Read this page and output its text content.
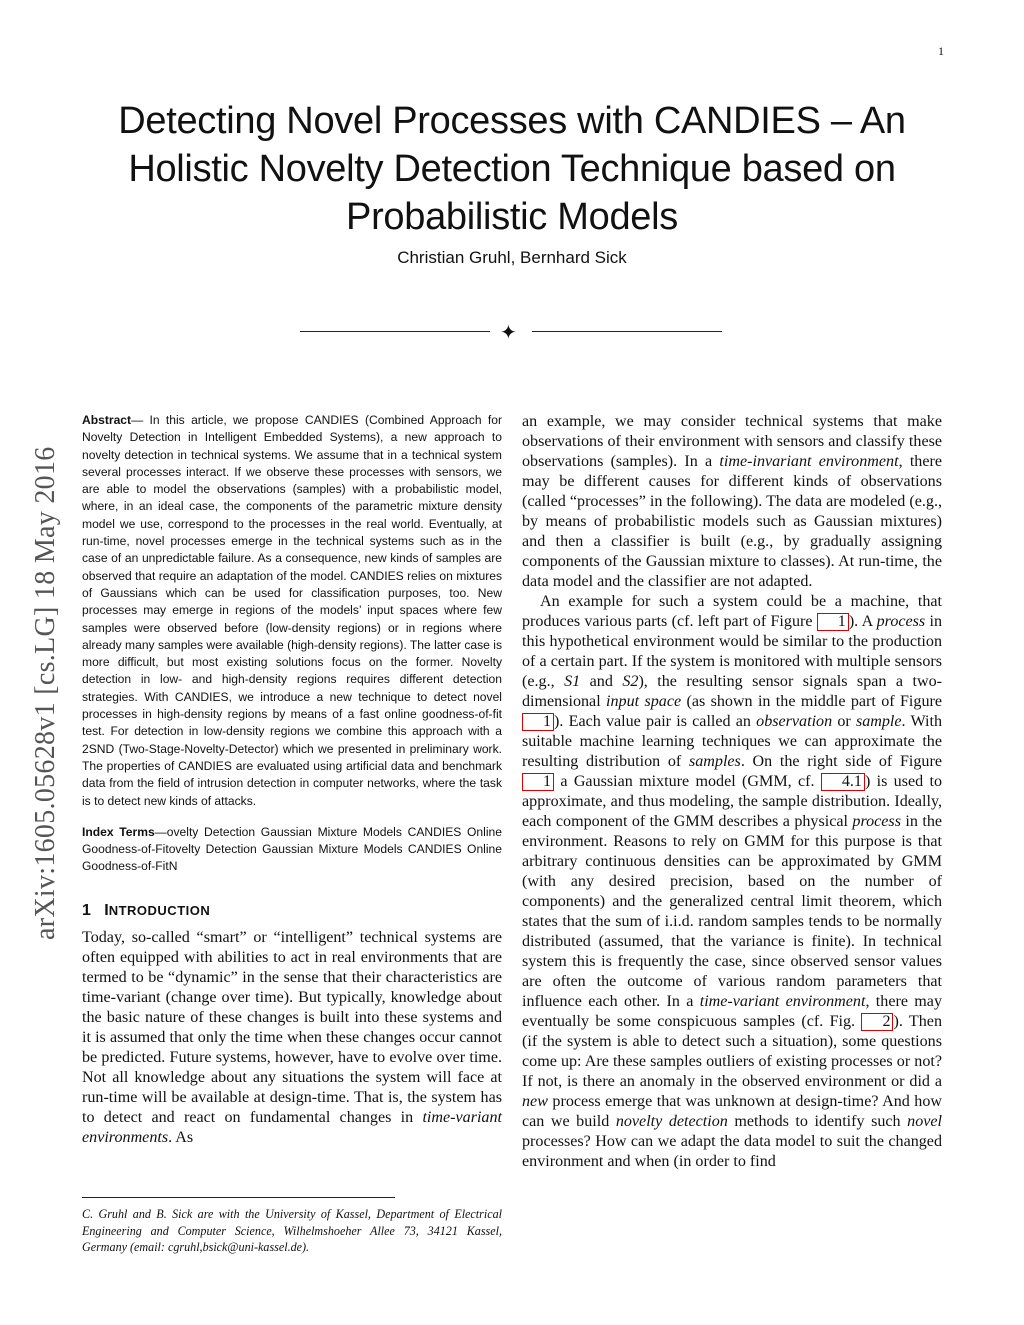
1
arXiv:1605.05628v1 [cs.LG] 18 May 2016
Detecting Novel Processes with CANDIES – An Holistic Novelty Detection Technique based on Probabilistic Models
Christian Gruhl, Bernhard Sick
✦

Abstract— In this article, we propose CANDIES (Combined Approach for Novelty Detection in Intelligent Embedded Systems), a new approach to novelty detection in technical systems. We assume that in a technical system several processes interact. If we observe these processes with sensors, we are able to model the observations (samples) with a probabilistic model, where, in an ideal case, the components of the parametric mixture density model we use, correspond to the processes in the real world. Eventually, at run-time, novel processes emerge in the technical systems such as in the case of an unpredictable failure. As a consequence, new kinds of samples are observed that require an adaptation of the model. CANDIES relies on mixtures of Gaussians which can be used for classification purposes, too. New processes may emerge in regions of the models’ input spaces where few samples were observed before (low-density regions) or in regions where already many samples were available (high-density regions). The latter case is more difficult, but most existing solutions focus on the former. Novelty detection in low- and high-density regions requires different detection strategies. With CANDIES, we introduce a new technique to detect novel processes in high-density regions by means of a fast online goodness-of-fit test. For detection in low-density regions we combine this approach with a 2SND (Two-Stage-Novelty-Detector) which we presented in preliminary work. The properties of CANDIES are evaluated using artificial data and benchmark data from the field of intrusion detection in computer networks, where the task is to detect new kinds of attacks.

Index Terms—ovelty Detection Gaussian Mixture Models CANDIES Online Goodness-of-Fitovelty Detection Gaussian Mixture Models CANDIES Online Goodness-of-FitN

1 INTRODUCTION

Today, so-called “smart” or “intelligent” technical systems are often equipped with abilities to act in real environments that are termed to be “dynamic” in the sense that their characteristics are time-variant (change over time). But typically, knowledge about the basic nature of these changes is built into these systems and it is assumed that only the time when these changes occur cannot be predicted. Future systems, however, have to evolve over time. Not all knowledge about any situations the system will face at run-time will be available at design-time. That is, the system has to detect and react on fundamental changes in time-variant environments. As

C. Gruhl and B. Sick are with the University of Kassel, Department of Electrical Engineering and Computer Science, Wilhelmshoeher Allee 73, 34121 Kassel, Germany (email: cgruhl,bsick@uni-kassel.de).

an example, we may consider technical systems that make observations of their environment with sensors and classify these observations (samples). In a time-invariant environment, there may be different causes for different kinds of observations (called “processes” in the following). The data are modeled (e.g., by means of probabilistic models such as Gaussian mixtures) and then a classifier is built (e.g., by gradually assigning components of the Gaussian mixture to classes). At run-time, the data model and the classifier are not adapted.

An example for such a system could be a machine, that produces various parts (cf. left part of Figure 1 ). A process in this hypothetical environment would be similar to the production of a certain part. If the system is monitored with multiple sensors (e.g., S1 and S2), the resulting sensor signals span a two-dimensional input space (as shown in the middle part of Figure 1 ). Each value pair is called an observation or sample. With suitable machine learning techniques we can approximate the resulting distribution of samples. On the right side of Figure 1 a Gaussian mixture model (GMM, cf. 4.1 ) is used to approximate, and thus modeling, the sample distribution. Ideally, each component of the GMM describes a physical process in the environment. Reasons to rely on GMM for this purpose is that arbitrary continuous densities can be approximated by GMM (with any desired precision, based on the number of components) and the generalized central limit theorem, which states that the sum of i.i.d. random samples tends to be normally distributed (assumed, that the variance is finite). In technical system this is frequently the case, since observed sensor values are often the outcome of various random parameters that influence each other. In a time-variant environment, there may eventually be some conspicuous samples (cf. Fig. 2 ). Then (if the system is able to detect such a situation), some questions come up: Are these samples outliers of existing processes or not? If not, is there an anomaly in the observed environment or did a new process emerge that was unknown at design-time? And how can we build novelty detection methods to identify such novel processes? How can we adapt the data model to suit the changed environment and when (in order to find
